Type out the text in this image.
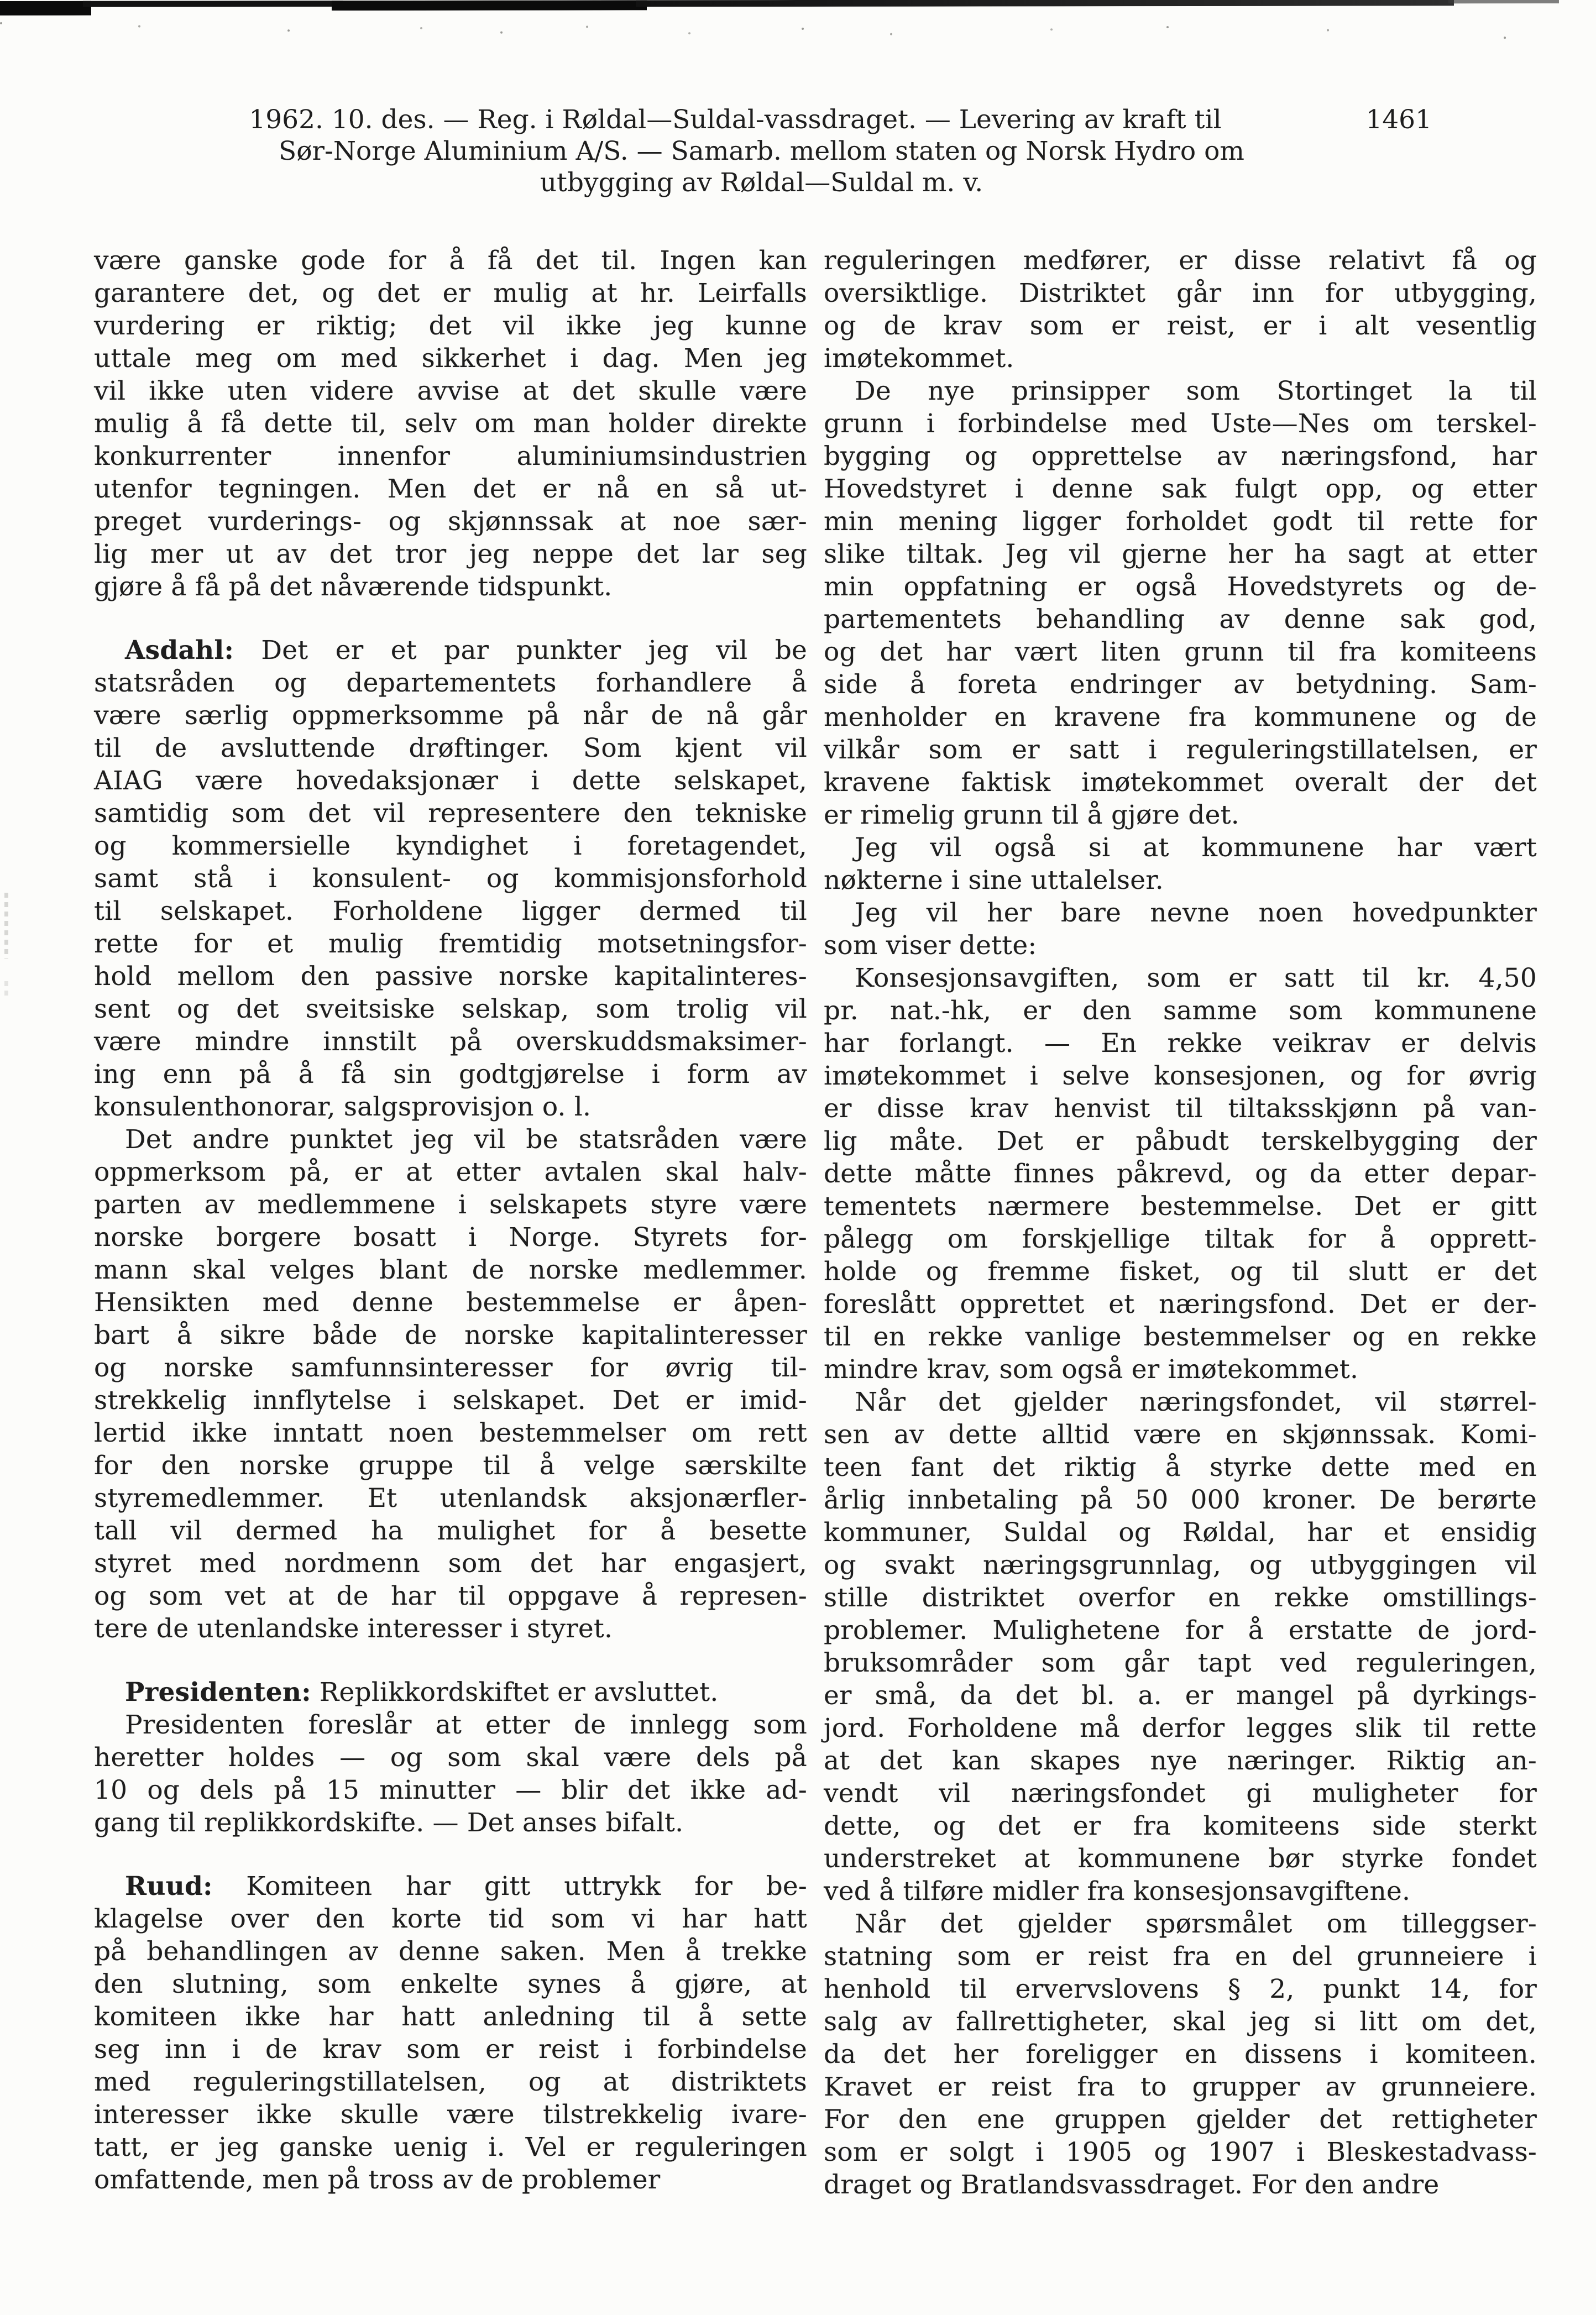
1962. 10. des. — Reg. i Røldal—Suldal-vassdraget. — Levering av kraft til	1461
Sør-Norge Aluminium A/S. — Samarb. mellom staten og Norsk Hydro om
utbygging av Røldal—Suldal m. v.
være ganske gode for å få det til. Ingen kan
garantere det, og det er mulig at hr. Leirfalls
vurdering er riktig; det vil ikke jeg kunne
uttale meg om med sikkerhet i dag. Men jeg
vil ikke uten videre avvise at det skulle være
mulig å få dette til, selv om man holder direkte
konkurrenter innenfor aluminiumsindustrien
utenfor tegningen. Men det er nå en så ut-
preget vurderings- og skjønnssak at noe sær-
lig mer ut av det tror jeg neppe det lar seg
gjøre å få på det nåværende tidspunkt.
Asdahl: Det er et par punkter jeg vil be
statsråden og departementets forhandlere å
være særlig oppmerksomme på når de nå går
til de avsluttende drøftinger. Som kjent vil
AIAG være hovedaksjonær i dette selskapet,
samtidig som det vil representere den tekniske
og kommersielle kyndighet i foretagendet,
samt stå i konsulent- og kommisjonsforhold
til selskapet. Forholdene ligger dermed til
rette for et mulig fremtidig motsetningsfor-
hold mellom den passive norske kapitalinteres-
sent og det sveitsiske selskap, som trolig vil
være mindre innstilt på overskuddsmaksimer-
ing enn på å få sin godtgjørelse i form av
konsulenthonorar, salgsprovisjon o. l.
Det andre punktet jeg vil be statsråden være
oppmerksom på, er at etter avtalen skal halv-
parten av medlemmene i selskapets styre være
norske borgere bosatt i Norge. Styrets for-
mann skal velges blant de norske medlemmer.
Hensikten med denne bestemmelse er åpen-
bart å sikre både de norske kapitalinteresser
og norske samfunnsinteresser for øvrig til-
strekkelig innflytelse i selskapet. Det er imid-
lertid ikke inntatt noen bestemmelser om rett
for den norske gruppe til å velge særskilte
styremedlemmer. Et utenlandsk aksjonærfler-
tall vil dermed ha mulighet for å besette
styret med nordmenn som det har engasjert,
og som vet at de har til oppgave å represen-
tere de utenlandske interesser i styret.
Presidenten: Replikkordskiftet er avsluttet.
Presidenten foreslår at etter de innlegg som
heretter holdes — og som skal være dels på
10 og dels på 15 minutter — blir det ikke ad-
gang til replikkordskifte. — Det anses bifalt.
Ruud: Komiteen har gitt uttrykk for be-
klagelse over den korte tid som vi har hatt
på behandlingen av denne saken. Men å trekke
den slutning, som enkelte synes å gjøre, at
komiteen ikke har hatt anledning til å sette
seg inn i de krav som er reist i forbindelse
med reguleringstillatelsen, og at distriktets
interesser ikke skulle være tilstrekkelig ivare-
tatt, er jeg ganske uenig i. Vel er reguleringen
omfattende, men på tross av de problemer
reguleringen medfører, er disse relativt få og
oversiktlige. Distriktet går inn for utbygging,
og de krav som er reist, er i alt vesentlig
imøtekommet.
De nye prinsipper som Stortinget la til
grunn i forbindelse med Uste—Nes om terskel-
bygging og opprettelse av næringsfond, har
Hovedstyret i denne sak fulgt opp, og etter
min mening ligger forholdet godt til rette for
slike tiltak. Jeg vil gjerne her ha sagt at etter
min oppfatning er også Hovedstyrets og de-
partementets behandling av denne sak god,
og det har vært liten grunn til fra komiteens
side å foreta endringer av betydning. Sam-
menholder en kravene fra kommunene og de
vilkår som er satt i reguleringstillatelsen, er
kravene faktisk imøtekommet overalt der det
er rimelig grunn til å gjøre det.
Jeg vil også si at kommunene har vært
nøkterne i sine uttalelser.
Jeg vil her bare nevne noen hovedpunkter
som viser dette:
Konsesjonsavgiften, som er satt til kr. 4,50
pr. nat.-hk, er den samme som kommunene
har forlangt. — En rekke veikrav er delvis
imøtekommet i selve konsesjonen, og for øvrig
er disse krav henvist til tiltaksskjønn på van-
lig måte. Det er påbudt terskelbygging der
dette måtte finnes påkrevd, og da etter depar-
tementets nærmere bestemmelse. Det er gitt
pålegg om forskjellige tiltak for å opprett-
holde og fremme fisket, og til slutt er det
foreslått opprettet et næringsfond. Det er der-
til en rekke vanlige bestemmelser og en rekke
mindre krav, som også er imøtekommet.
Når det gjelder næringsfondet, vil størrel-
sen av dette alltid være en skjønnssak. Komi-
teen fant det riktig å styrke dette med en
årlig innbetaling på 50 000 kroner. De berørte
kommuner, Suldal og Røldal, har et ensidig
og svakt næringsgrunnlag, og utbyggingen vil
stille distriktet overfor en rekke omstillings-
problemer. Mulighetene for å erstatte de jord-
bruksområder som går tapt ved reguleringen,
er små, da det bl. a. er mangel på dyrkings-
jord. Forholdene må derfor legges slik til rette
at det kan skapes nye næringer. Riktig an-
vendt vil næringsfondet gi muligheter for
dette, og det er fra komiteens side sterkt
understreket at kommunene bør styrke fondet
ved å tilføre midler fra konsesjonsavgiftene.
Når det gjelder spørsmålet om tilleggser-
statning som er reist fra en del grunneiere i
henhold til ervervslovens § 2, punkt 14, for
salg av fallrettigheter, skal jeg si litt om det,
da det her foreligger en dissens i komiteen.
Kravet er reist fra to grupper av grunneiere.
For den ene gruppen gjelder det rettigheter
som er solgt i 1905 og 1907 i Bleskestadvass-
draget og Bratlandsvassdraget. For den andre
